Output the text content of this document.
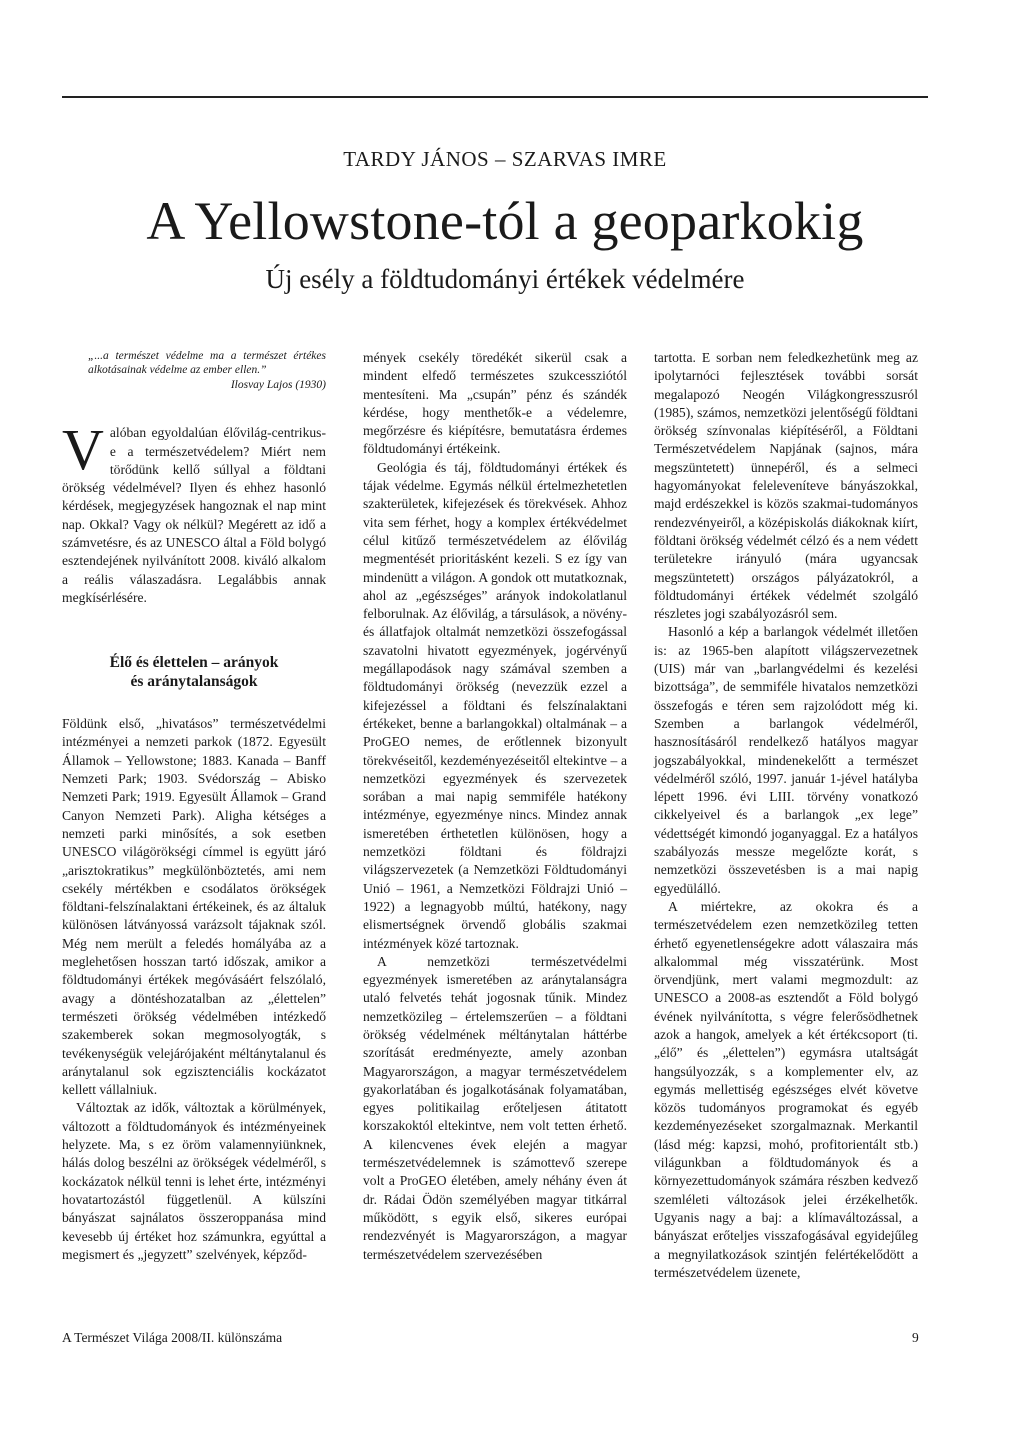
TARDY JÁNOS – SZARVAS IMRE
A Yellowstone-tól a geoparkokig
Új esély a földtudományi értékek védelmére

„...a természet védelme ma a természet értékes alkotásainak védelme az ember ellen.”
Ilosvay Lajos (1930)

V alóban egyoldalúan élővilág-centrikus-e a természetvédelem? Miért nem törődünk kellő súllyal a földtani örökség védelmével? Ilyen és ehhez hasonló kérdések, megjegyzések hangoznak el nap mint nap. Okkal? Vagy ok nélkül? Megérett az idő a számvetésre, és az UNESCO által a Föld bolygó esztendejének nyilvánított 2008. kiváló alkalom a reális válaszadásra. Legalábbis annak megkísérlésére.

Élő és élettelen – arányok
és aránytalanságok

Földünk első, „hivatásos” természetvédelmi intézményei a nemzeti parkok (1872. Egyesült Államok – Yellowstone; 1883. Kanada – Banff Nemzeti Park; 1903. Svédország – Abisko Nemzeti Park; 1919. Egyesült Államok – Grand Canyon Nemzeti Park). Aligha kétséges a nemzeti parki minősítés, a sok esetben UNESCO világörökségi címmel is együtt járó „arisztokratikus” megkülönböztetés, ami nem csekély mértékben e csodálatos örökségek földtani-felszínalaktani értékeinek, és az általuk különösen látványossá varázsolt tájaknak szól. Még nem merült a feledés homályába az a meglehetősen hosszan tartó időszak, amikor a földtudományi értékek megóvásáért felszólaló, avagy a döntéshozatalban az „élettelen” természeti örökség védelmében intézkedő szakemberek sokan megmosolyogták, s tevékenységük velejárójaként méltánytalanul és aránytalanul sok egzisztenciális kockázatot kellett vállalniuk.

Változtak az idők, változtak a körülmények, változott a földtudományok és intézményeinek helyzete. Ma, s ez öröm valamennyiünknek, hálás dolog beszélni az örökségek védelméről, s kockázatok nélkül tenni is lehet érte, intézményi hovatartozástól függetlenül. A külszíni bányászat sajnálatos összeroppanása mind kevesebb új értéket hoz számunkra, egyúttal a megismert és „jegyzett” szelvények, képződ-

mények csekély töredékét sikerül csak a mindent elfedő természetes szukcessziótól mentesíteni. Ma „csupán” pénz és szándék kérdése, hogy menthetők-e a védelemre, megőrzésre és kiépítésre, bemutatásra érdemes földtudományi értékeink.

Geológia és táj, földtudományi értékek és tájak védelme. Egymás nélkül értelmezhetetlen szakterületek, kifejezések és törekvések. Ahhoz vita sem férhet, hogy a komplex értékvédelmet célul kitűző természetvédelem az élővilág megmentését prioritásként kezeli. S ez így van mindenütt a világon. A gondok ott mutatkoznak, ahol az „egészséges” arányok indokolatlanul felborulnak. Az élővilág, a társulások, a növény- és állatfajok oltalmát nemzetközi összefogással szavatolni hivatott egyezmények, jogérvényű megállapodások nagy számával szemben a földtudományi örökség (nevezzük ezzel a kifejezéssel a földtani és felszínalaktani értékeket, benne a barlangokkal) oltalmának – a ProGEO nemes, de erőtlennek bizonyult törekvéseitől, kezdeményezéseitől eltekintve – a nemzetközi egyezmények és szervezetek sorában a mai napig semmiféle hatékony intézménye, egyezménye nincs. Mindez annak ismeretében érthetetlen különösen, hogy a nemzetközi földtani és földrajzi világszervezetek (a Nemzetközi Földtudományi Unió – 1961, a Nemzetközi Földrajzi Unió – 1922) a legnagyobb múltú, hatékony, nagy elismertségnek örvendő globális szakmai intézmények közé tartoznak.

A nemzetközi természetvédelmi egyezmények ismeretében az aránytalanságra utaló felvetés tehát jogosnak tűnik. Mindez nemzetközileg – értelemszerűen – a földtani örökség védelmének méltánytalan háttérbe szorítását eredményezte, amely azonban Magyarországon, a magyar természetvédelem gyakorlatában és jogalkotásának folyamatában, egyes politikailag erőteljesen átitatott korszakoktól eltekintve, nem volt tetten érhető. A kilencvenes évek elején a magyar természetvédelemnek is számottevő szerepe volt a ProGEO életében, amely néhány éven át dr. Rádai Ödön személyében magyar titkárral működött, s egyik első, sikeres európai rendezvényét is Magyarországon, a magyar természetvédelem szervezésében

tartotta. E sorban nem feledkezhetünk meg az ipolytarnóci fejlesztések további sorsát megalapozó Neogén Világkongresszusról (1985), számos, nemzetközi jelentőségű földtani örökség színvonalas kiépítéséről, a Földtani Természetvédelem Napjának (sajnos, mára megszüntetett) ünnepéről, és a selmeci hagyományokat feleleveníteve bányászokkal, majd erdészekkel is közös szakmai-tudományos rendezvényeiről, a középiskolás diákoknak kiírt, földtani örökség védelmét célzó és a nem védett területekre irányuló (mára ugyancsak megszüntetett) országos pályázatokról, a földtudományi értékek védelmét szolgáló részletes jogi szabályozásról sem.

Hasonló a kép a barlangok védelmét illetően is: az 1965-ben alapított világszervezetnek (UIS) már van „barlangvédelmi és kezelési bizottsága”, de semmiféle hivatalos nemzetközi összefogás e téren sem rajzolódott még ki. Szemben a barlangok védelméről, hasznosításáról rendelkező hatályos magyar jogszabályokkal, mindenekelőtt a természet védelméről szóló, 1997. január 1-jével hatályba lépett 1996. évi LIII. törvény vonatkozó cikkelyeivel és a barlangok „ex lege” védettségét kimondó joganyaggal. Ez a hatályos szabályozás messze megelőzte korát, s nemzetközi összevetésben is a mai napig egyedülálló.

A miértekre, az okokra és a természetvédelem ezen nemzetközileg tetten érhető egyenetlenségekre adott válaszaira más alkalommal még visszatérünk. Most örvendjünk, mert valami megmozdult: az UNESCO a 2008-as esztendőt a Föld bolygó évének nyilvánította, s végre felerősödhetnek azok a hangok, amelyek a két értékcsoport (ti. „élő” és „élettelen”) egymásra utaltságát hangsúlyozzák, s a komplementer elv, az egymás mellettiség egészséges elvét követve közös tudományos programokat és egyéb kezdeményezéseket szorgalmaznak. Merkantil (lásd még: kapzsi, mohó, profitorientált stb.) világunkban a földtudományok és a környezettudományok számára részben kedvező szemléleti változások jelei érzékelhetők. Ugyanis nagy a baj: a klímaváltozással, a bányászat erőteljes visszafogásával egyidejűleg a megnyilatkozások szintjén felértékelődött a természetvédelem üzenete,

A Természet Világa 2008/II. különszáma	9
